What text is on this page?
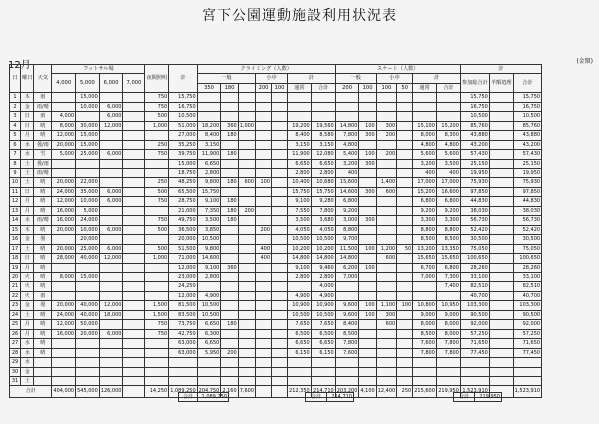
宮下公園運動施設利用状況表
12月	(金額)
日	曜日	天気	フットサル場				夜間照明	計	クライミング（人数）							スケート（人数）						計		
			4,000	5,000	6,000	7,000			一般			小中		計		一般		小中		計		参加総合計	半額処理	合計
									350	180		200	100	通常	合計	200	100	100	50	通常	合計			
1	木	雨		15,000			750	15,750														15,750		15,750
2	金	雨/晴		10,000	6,000		750	16,750														16,750		16,750
3	日	雨	4,000		6,000		500	10,500														10,500		10,500
4	日	晴	8,000	30,000	12,000		1,000	51,000	18,200	360	1,000			19,200	19,560	14,800	100	300		15,100	15,200	85,760		85,760
5	月	晴	12,000	15,000				27,000	8,400	180				8,400	8,580	7,800	300	200		8,000	8,300	43,880		43,880
6	水	曇/雨	20,000	15,000			250	35,250	3,150					3,150	3,150	4,800				4,800	4,800	43,200		43,200
7	水	雪	5,000	25,000	6,000		750	39,750	11,900	180				11,900	12,080	5,400	100	200		5,600	5,600	57,430		57,430
8	土	曇/雨						15,000	6,650					6,650	6,650	3,200	300			3,200	3,500	25,150		25,150
9	土	雨/晴						18,750	2,800					2,800	2,800	400				400	400	19,950		19,950
10	土	晴	20,000	22,000			250	48,250	9,800	180	600	100		10,400	10,680	15,600		1,400		17,000	17,000	75,930		75,930
11	日	晴	24,000	35,000	6,000		500	65,500	15,750					15,750	15,750	14,600	300	600		15,200	16,600	97,850		97,850
12	月	晴	12,000	10,000	6,000		750	28,750	9,100	180				9,100	9,280	6,800				6,800	6,800	44,830		44,830
13	月	晴	16,000	5,000				21,000	7,350	180	200			7,550	7,800	9,200				9,200	9,200	38,030		38,030
14	水	雨/晴	16,000	24,000			750	49,750	3,500	180				3,500	3,680	3,000	300			3,300	3,300	56,730		56,730
15	木	晴	20,000	10,000	6,000		500	36,500	3,850			200		4,050	4,050	8,800				8,800	8,800	52,420		52,420
16	金	曇		20,000				20,000	10,500					10,500	10,500	9,700				8,500	8,500	30,500		30,500
17	土	晴	20,000	25,000	6,000		500	51,500	9,800			400		10,200	10,200	11,500	100	1,200	50	13,200	13,350	75,050		75,050
18	日	晴	28,000	40,000	12,000		1,000	71,000	14,600			400		14,800	14,800	14,800		600		15,650	15,650	100,650		100,650
19	月	晴						12,000	9,100	360				9,100	9,460	6,200	100			6,700	6,800	28,260		28,260
20	火	晴	8,000	15,000				23,000	2,800					2,800	2,800	7,000				7,000	7,300	33,100		33,100
21	火	晴						24,250							4,000						7,400	82,510		82,510
22	火	雨						12,000	4,900					4,900	4,900							40,700		40,700
23	金	曇	20,000	40,000	12,000		1,500	81,500	10,500					10,900	10,900	9,600	100	1,100	100	10,800	10,950	103,300		103,300
24	土	晴	24,000	40,000	18,000		1,500	83,500	10,500					10,500	10,500	9,600	100	300		9,000	9,000	90,500		90,500
25	月	晴	12,000	50,000			750	73,750	6,650	180				7,650	7,650	8,400		600		8,000	8,000	92,000		92,000
26	月	晴	16,000	20,000	6,000		750	42,750	6,300					6,500	6,500	8,500				8,500	8,000	57,250		57,250
27	水	晴						63,000	6,650					6,650	6,650	7,800				7,600	7,800	71,650		71,650
28	水	晴						63,000	5,950	200				6,150	6,150	7,600				7,800	7,800	77,450		77,450
29	水																							
30	金																							
31	土																							
合計			404,000	545,000	126,000		14,250	1,089,250	204,750	2,160	7,600			212,350	214,710	203,200	4,100	12,400	250	215,600	219,950	1,523,910		1,523,910
合計	1,089,250	合計	214,710	合計	219,950
